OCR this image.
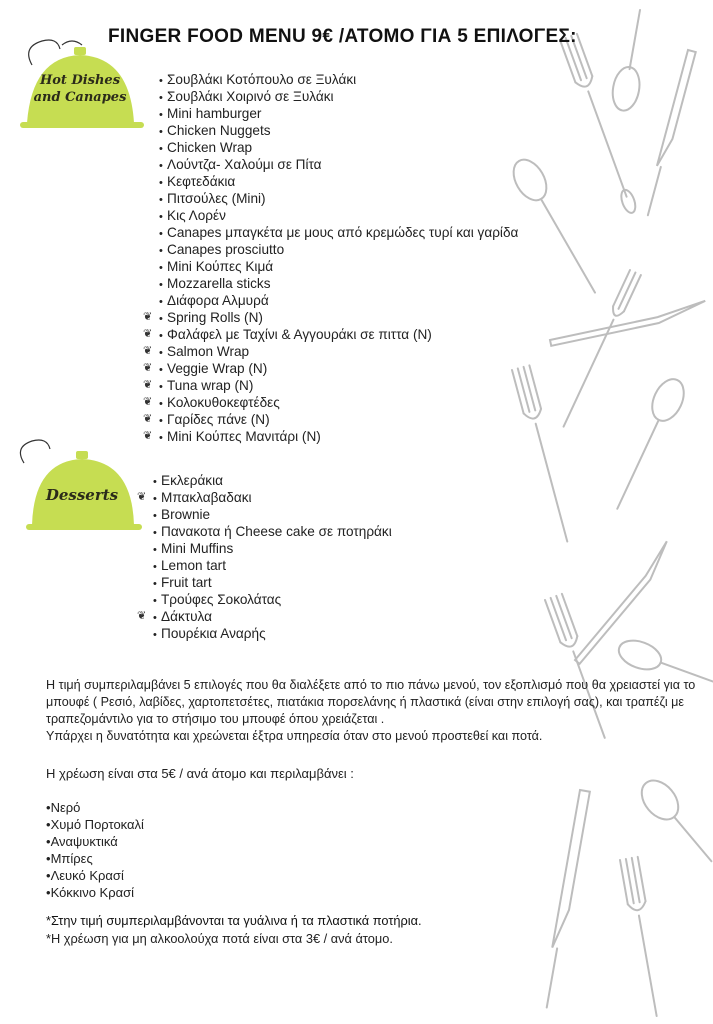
FINGER FOOD MENU 9€ /ΑΤΟΜΟ ΓΙΑ 5 ΕΠΙΛΟΓΕΣ:
Hot Dishes
and Canapes
• Σουβλάκι Κοτόπουλο σε Ξυλάκι
• Σουβλάκι Χοιρινό σε Ξυλάκι
• Mini hamburger
• Chicken Nuggets
• Chicken Wrap
• Λούντζα- Χαλούμι σε Πίτα
• Κεφτεδάκια
• Πιτσούλες (Mini)
• Κις Λορέν
• Canapes μπαγκέτα με μους από κρεμώδες τυρί και γαρίδα
• Canapes prosciutto
• Mini Κούπες Κιμά
• Mozzarella sticks
• Διάφορα Αλμυρά
❦ • Spring Rolls (N)
❦ • Φαλάφελ με Ταχίνι & Αγγουράκι σε πιττα (N)
❦ • Salmon Wrap
❦ • Veggie Wrap (N)
❦ • Tuna wrap (N)
❦ • Κολοκυθοκεφτέδες
❦ • Γαρίδες πάνε (N)
❦ • Mini Κούπες Μανιτάρι (N)
Desserts
• Εκλεράκια
❦ • Μπακλαβαδακι
• Brownie
• Πανακοτα ή Cheese cake σε ποτηράκι
• Mini Muffins
• Lemon tart
• Fruit tart
• Τρούφες Σοκολάτας
❦ • Δάκτυλα
• Πουρέκια Αναρής
Η τιμή συμπεριλαμβάνει 5 επιλογές που θα διαλέξετε από το πιο πάνω μενού, τον εξοπλισμό που θα χρειαστεί για το μπουφέ ( Ρεσιό, λαβίδες, χαρτοπετσέτες, πιατάκια πορσελάνης ή πλαστικά (είναι στην επιλογή σας), και τραπέζι με τραπεζομάντιλο για το στήσιμο του μπουφέ όπου χρειάζεται .
Υπάρχει η δυνατότητα και χρεώνεται έξτρα υπηρεσία όταν στο μενού προστεθεί και ποτά.
Η χρέωση είναι στα 5€ / ανά άτομο και περιλαμβάνει :
•Νερό
•Χυμό Πορτοκαλί
•Αναψυκτικά
•Μπίρες
•Λευκό Κρασί
•Κόκκινο Κρασί
*Στην τιμή συμπεριλαμβάνονται τα γυάλινα ή τα πλαστικά ποτήρια.
*Η χρέωση για μη αλκοολούχα ποτά είναι στα 3€ / ανά άτομο.
